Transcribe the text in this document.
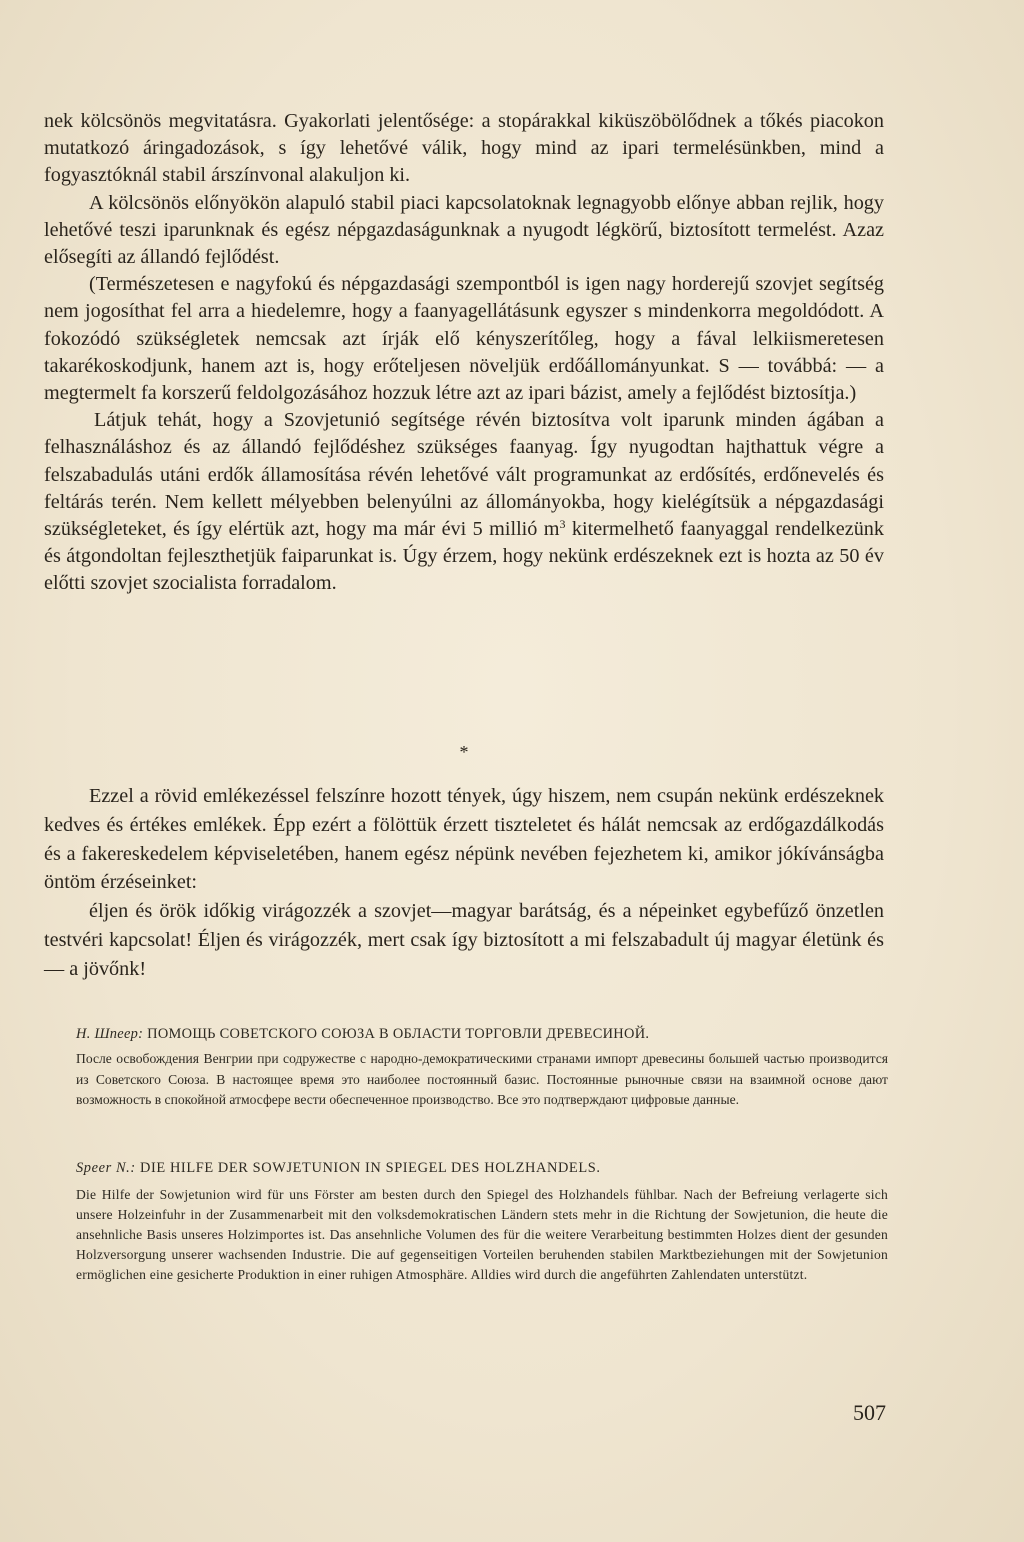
nek kölcsönös megvitatásra. Gyakorlati jelentősége: a stopárakkal kiküszöbölődnek a tőkés piacokon mutatkozó áringadozások, s így lehetővé válik, hogy mind az ipari termelésünkben, mind a fogyasztóknál stabil árszínvonal alakuljon ki.

A kölcsönös előnyökön alapuló stabil piaci kapcsolatoknak legnagyobb előnye abban rejlik, hogy lehetővé teszi iparunknak és egész népgazdaságunknak a nyugodt légkörű, biztosított termelést. Azaz elősegíti az állandó fejlődést.

(Természetesen e nagyfokú és népgazdasági szempontból is igen nagy horderejű szovjet segítség nem jogosíthat fel arra a hiedelemre, hogy a faanyagellátásunk egyszer s mindenkorra megoldódott. A fokozódó szükségletek nemcsak azt írják elő kényszerítőleg, hogy a fával lelkiismeretesen takarékoskodjunk, hanem azt is, hogy erőteljesen növeljük erdőállományunkat. S — továbbá: — a megtermelt fa korszerű feldolgozásához hozzuk létre azt az ipari bázist, amely a fejlődést biztosítja.)

Látjuk tehát, hogy a Szovjetunió segítsége révén biztosítva volt iparunk minden ágában a felhasználáshoz és az állandó fejlődéshez szükséges faanyag. Így nyugodtan hajthattuk végre a felszabadulás utáni erdők államosítása révén lehetővé vált programunkat az erdősítés, erdőnevelés és feltárás terén. Nem kellett mélyebben belenyúlni az állományokba, hogy kielégítsük a népgazdasági szükségleteket, és így elértük azt, hogy ma már évi 5 millió $m^3$ kitermelhető faanyaggal rendelkezünk és átgondoltan fejleszthetjük faiparunkat is. Úgy érzem, hogy nekünk erdészeknek ezt is hozta az 50 év előtti szovjet szocialista forradalom.

*

Ezzel a rövid emlékezéssel felszínre hozott tények, úgy hiszem, nem csupán nekünk erdészeknek kedves és értékes emlékek. Épp ezért a fölöttük érzett tiszteletet és hálát nemcsak az erdőgazdálkodás és a fakereskedelem képviseletében, hanem egész népünk nevében fejezhetem ki, amikor jókívánságba öntöm érzéseinket:

éljen és örök időkig virágozzék a szovjet—magyar barátság, és a népeinket egybefűző önzetlen testvéri kapcsolat! Éljen és virágozzék, mert csak így biztosított a mi felszabadult új magyar életünk és — a jövőnk!

Н. Шпеер: ПОМОЩЬ СОВЕТСКОГО СОЮЗА В ОБЛАСТИ ТОРГОВЛИ ДРЕВЕСИНОЙ.

После освобождения Венгрии при содружестве с народно-демократическими странами импорт древесины большей частью производится из Советского Союза. В настоящее время это наиболее постоянный базис. Постоянные рыночные связи на взаимной основе дают возможность в спокойной атмосфере вести обеспеченное производство. Все это подтверждают цифровые данные.

Speer N.: DIE HILFE DER SOWJETUNION IN SPIEGEL DES HOLZHANDELS.

Die Hilfe der Sowjetunion wird für uns Förster am besten durch den Spiegel des Holzhandels fühlbar. Nach der Befreiung verlagerte sich unsere Holzeinfuhr in der Zusammenarbeit mit den volksdemokratischen Ländern stets mehr in die Richtung der Sowjetunion, die heute die ansehnliche Basis unseres Holzimportes ist. Das ansehnliche Volumen des für die weitere Verarbeitung bestimmten Holzes dient der gesunden Holzversorgung unserer wachsenden Industrie. Die auf gegenseitigen Vorteilen beruhenden stabilen Marktbeziehungen mit der Sowjetunion ermöglichen eine gesicherte Produktion in einer ruhigen Atmosphäre. Alldies wird durch die angeführten Zahlendaten unterstützt.

507
